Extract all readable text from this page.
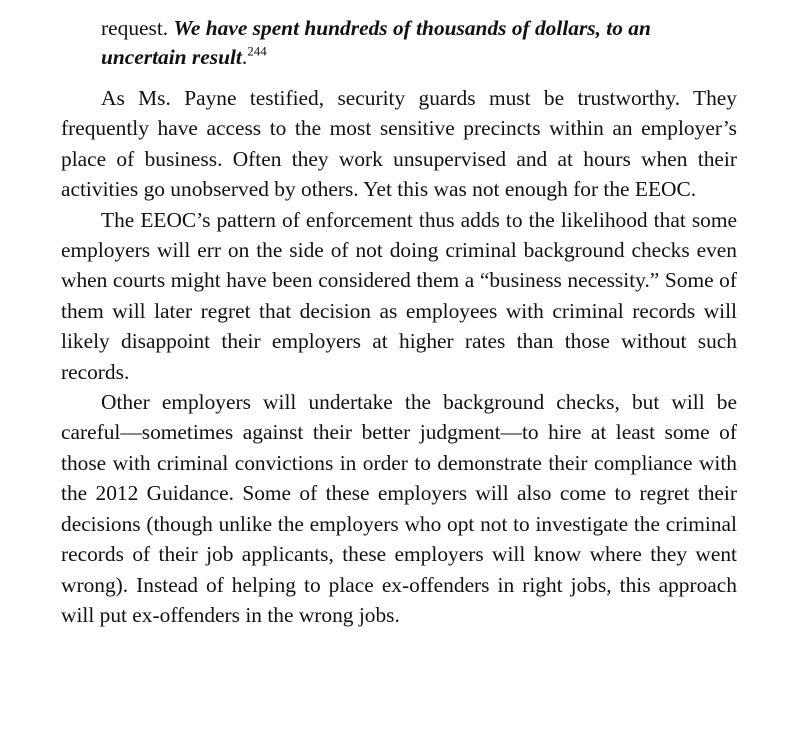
request. We have spent hundreds of thousands of dollars, to an uncertain result.$^{244}$

As Ms. Payne testified, security guards must be trustworthy. They frequently have access to the most sensitive precincts within an employer’s place of business. Often they work unsupervised and at hours when their activities go unobserved by others. Yet this was not enough for the EEOC.

The EEOC’s pattern of enforcement thus adds to the likelihood that some employers will err on the side of not doing criminal background checks even when courts might have been considered them a “business necessity.” Some of them will later regret that decision as employees with criminal records will likely disappoint their employers at higher rates than those without such records.

Other employers will undertake the background checks, but will be careful—sometimes against their better judgment—to hire at least some of those with criminal convictions in order to demonstrate their compliance with the 2012 Guidance. Some of these employers will also come to regret their decisions (though unlike the employers who opt not to investigate the criminal records of their job applicants, these employers will know where they went wrong). Instead of helping to place ex-offenders in right jobs, this approach will put ex-offenders in the wrong jobs.
